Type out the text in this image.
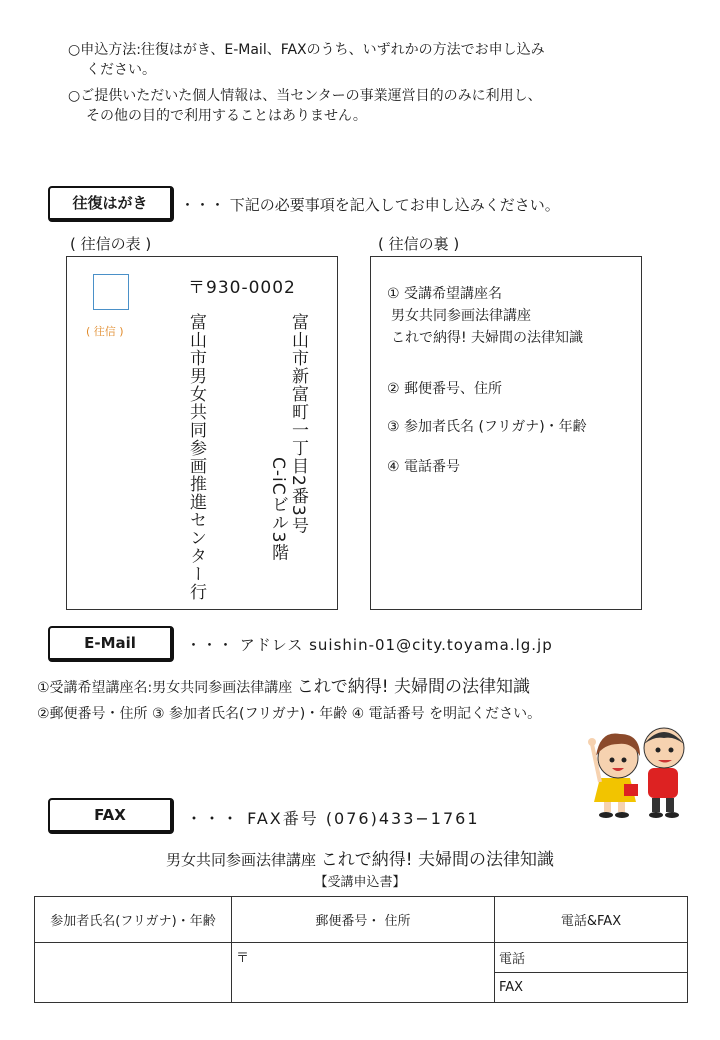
○申込方法:往復はがき、E-Mail、FAXのうち、いずれかの方法でお申し込み
ください。
○ご提供いただいた個人情報は、当センターの事業運営目的のみに利用し、
その他の目的で利用することはありません。
往復はがき	・・・ 下記の必要事項を記入してお申し込みください。
( 往信の表 )	( 往信の裏 )
( 往信 )
〒930-0002
富山市新富町一丁目2番3号
C-iCビル3階
富山市男女共同参画推進センター行
① 受講希望講座名
男女共同参画法律講座
これで納得! 夫婦間の法律知識
② 郵便番号、住所
③ 参加者氏名 (フリガナ)・年齢
④ 電話番号
E-Mail	・・・ アドレス suishin-01@city.toyama.lg.jp
①受講希望講座名:男女共同参画法律講座 これで納得! 夫婦間の法律知識
②郵便番号・住所 ③ 参加者氏名(フリガナ)・年齢 ④ 電話番号 を明記ください。
FAX	・・・ FAX番号 (076)433−1761
男女共同参画法律講座 これで納得! 夫婦間の法律知識
【受講申込書】
参加者氏名(フリガナ)・年齢	郵便番号・ 住所	電話&FAX
	〒	電話
		FAX
